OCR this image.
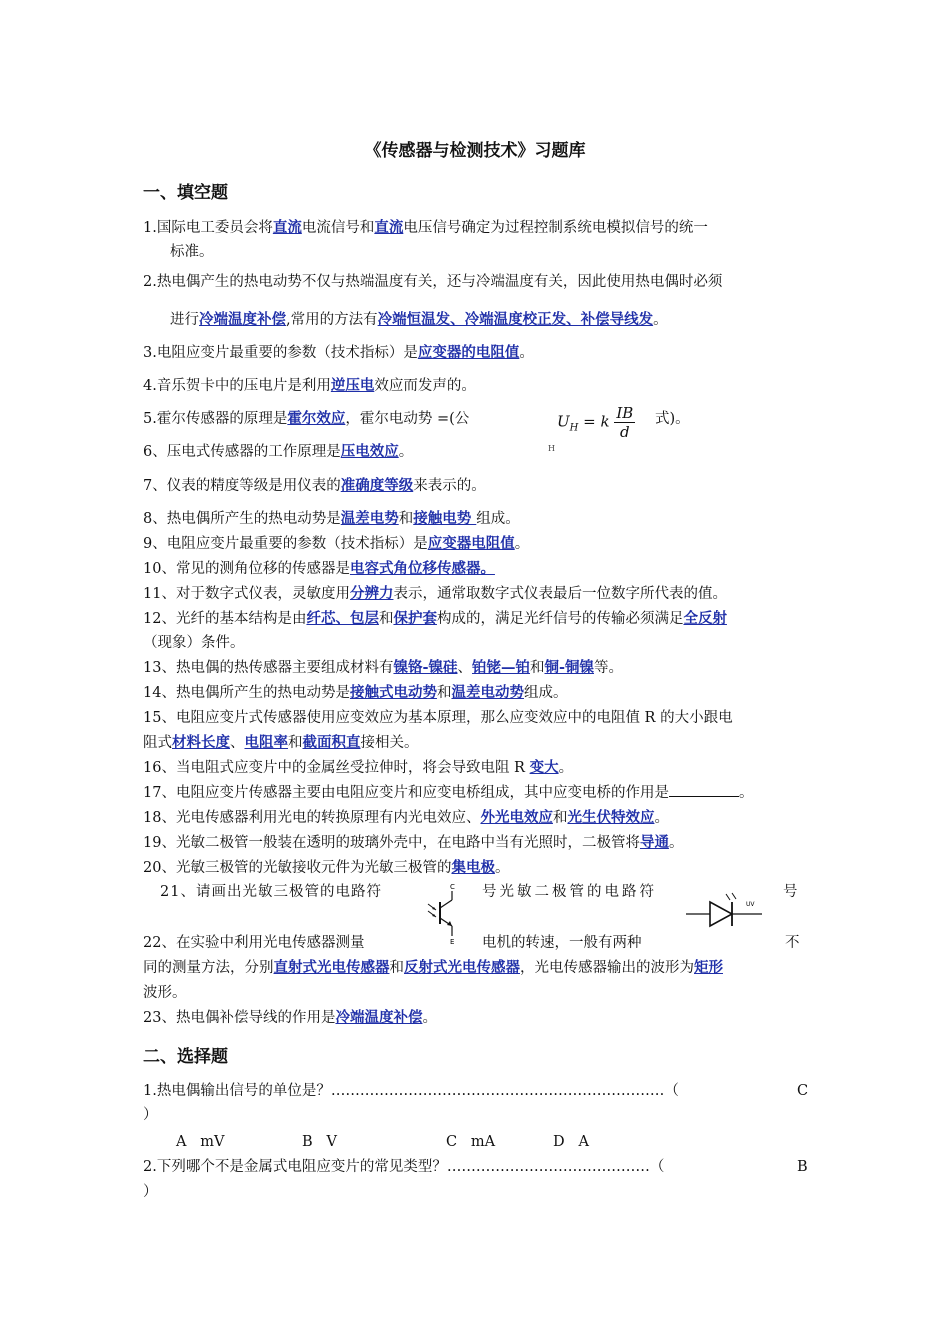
《传感器与检测技术》习题库
一、填空题
1.国际电工委员会将直流电流信号和直流电压信号确定为过程控制系统电模拟信号的统一
标准。
2.热电偶产生的热电动势不仅与热端温度有关，还与冷端温度有关，因此使用热电偶时必须
进行冷端温度补偿,常用的方法有冷端恒温发、冷端温度校正发、补偿导线发。
3.电阻应变片最重要的参数（技术指标）是应变器的电阻值。
4.音乐贺卡中的压电片是利用逆压电效应而发声的。
5.霍尔传感器的原理是霍尔效应，霍尔电动势 =(公	式)。
$U_H = k \frac{IB}{d}$
H
6、压电式传感器的工作原理是压电效应。
7、仪表的精度等级是用仪表的准确度等级来表示的。
8、热电偶所产生的热电动势是温差电势和接触电势 组成。
9、电阻应变片最重要的参数（技术指标）是应变器电阻值。
10、常见的测角位移的传感器是电容式角位移传感器。
11、对于数字式仪表，灵敏度用分辨力表示，通常取数字式仪表最后一位数字所代表的值。
12、光纤的基本结构是由纤芯、包层和保护套构成的，满足光纤信号的传输必须满足全反射
（现象）条件。
13、热电偶的热传感器主要组成材料有镍铬-镍硅、铂铑—铂和铜-铜镍等。
14、热电偶所产生的热电动势是接触式电动势和温差电动势组成。
15、电阻应变片式传感器使用应变效应为基本原理，那么应变效应中的电阻值 R 的大小跟电
阻式材料长度、电阻率和截面积直接相关。
16、当电阻式应变片中的金属丝受拉伸时，将会导致电阻 R 变大。
17、电阻应变片传感器主要由电阻应变片和应变电桥组成，其中应变电桥的作用是	。
18、光电传感器利用光电的转换原理有内光电效应、外光电效应和光生伏特效应。
19、光敏二极管一般装在透明的玻璃外壳中，在电路中当有光照时，二极管将导通。
20、光敏三极管的光敏接收元件为光敏三极管的集电极。
21、请画出光敏三极管的电路符	号光敏二极管的电路符	号
C
E
UV
22、在实验中利用光电传感器测量	电机的转速，一般有两种	不
同的测量方法，分别直射式光电传感器和反射式光电传感器，光电传感器输出的波形为矩形
波形。
23、热电偶补偿导线的作用是冷端温度补偿。
二、选择题
1.热电偶输出信号的单位是？……………………………………………………………（	C
）
A   mV	B   V	C   mA	D   A
2.下列哪个不是金属式电阻应变片的常见类型？……………………………………（	B
）
